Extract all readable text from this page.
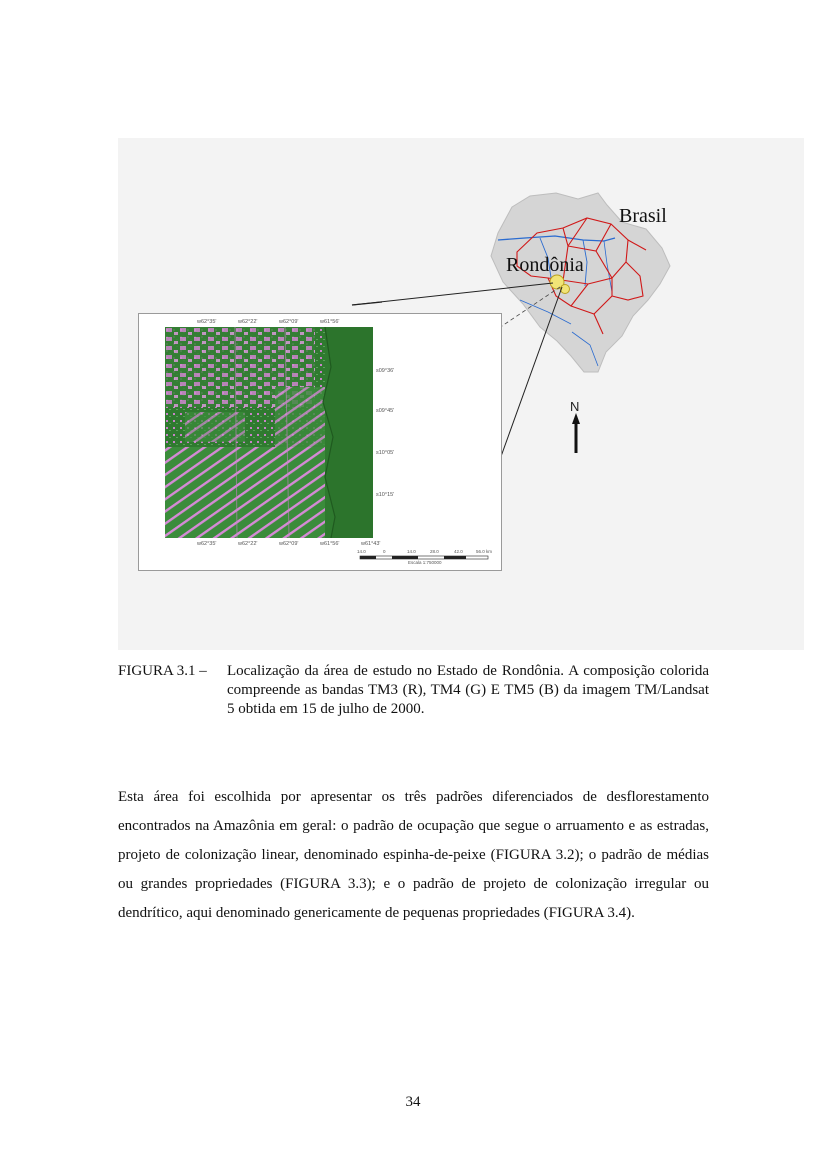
Brasil
Rondônia
N
w62°35'	w62°22'	w62°09'	w61°56'
w62°35'	w62°22'	w62°09'	w61°56'	w61°43'
s09°36'
s09°45'
s10°05'
s10°15'
14.0	0	14.0	28.0	42.0	56.0 km
Escala 1:750000
FIGURA 3.1 –	Localização da área de estudo no Estado de Rondônia. A composição colorida compreende as bandas TM3 (R), TM4 (G) E TM5 (B) da imagem TM/Landsat 5 obtida em 15 de julho de 2000.

Esta área foi escolhida por apresentar os três padrões diferenciados de desflorestamento encontrados na Amazônia em geral: o padrão de ocupação que segue o arruamento e as estradas, projeto de colonização linear, denominado espinha-de-peixe (FIGURA 3.2); o padrão de médias ou grandes propriedades (FIGURA 3.3); e o padrão de projeto de colonização irregular ou dendrítico, aqui denominado genericamente de pequenas propriedades (FIGURA 3.4).

34
